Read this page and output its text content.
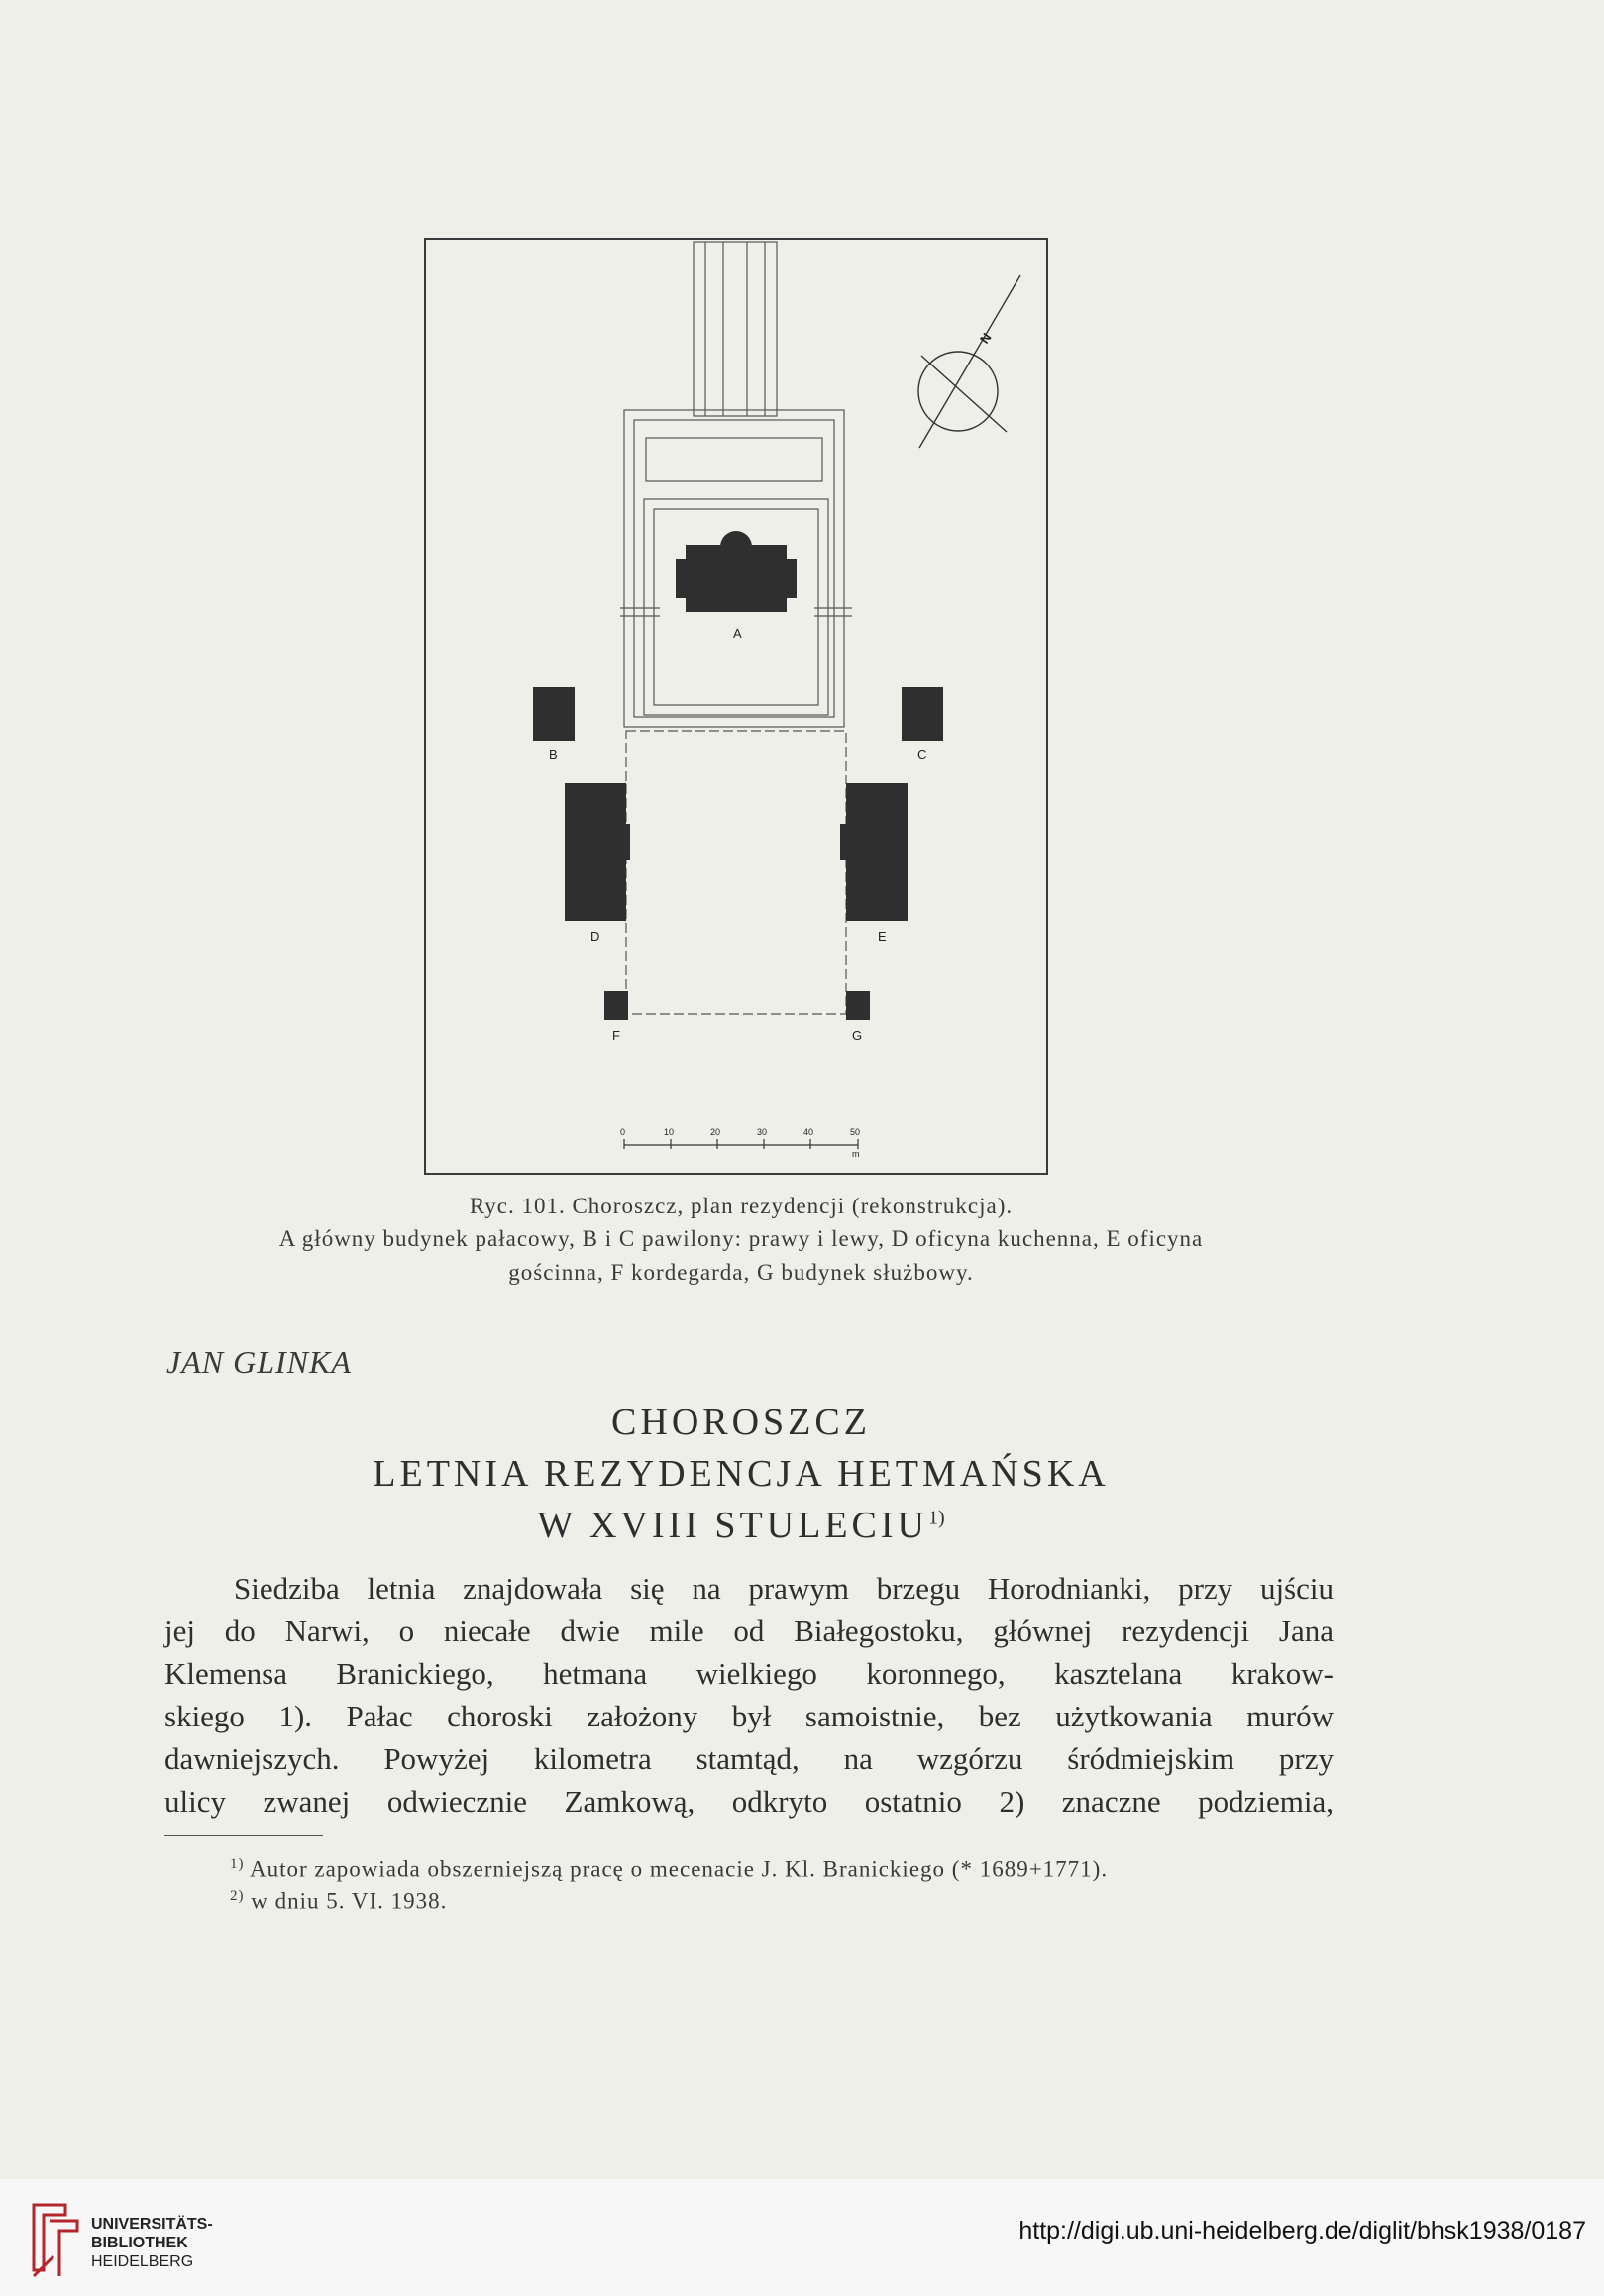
A
B	C
D	E
F	G
N
0	10	20	30	40	50
m
Ryc. 101. Choroszcz, plan rezydencji (rekonstrukcja).
A główny budynek pałacowy, B i C pawilony: prawy i lewy, D oficyna kuchenna, E oficyna
gościnna, F kordegarda, G budynek służbowy.
JAN GLINKA
CHOROSZCZ
LETNIA REZYDENCJA HETMAŃSKA
W XVIII STULECIU$^{1)}$
Siedziba letnia znajdowała się na prawym brzegu Horodnianki, przy ujściu
jej do Narwi, o niecałe dwie mile od Białegostoku, głównej rezydencji Jana
Klemensa Branickiego, hetmana wielkiego koronnego, kasztelana krakow-
skiego 1). Pałac choroski założony był samoistnie, bez użytkowania murów
dawniejszych. Powyżej kilometra stamtąd, na wzgórzu śródmiejskim przy
ulicy zwanej odwiecznie Zamkową, odkryto ostatnio 2) znaczne podziemia,
$^{1)}$ Autor zapowiada obszerniejszą pracę o mecenacie J. Kl. Branickiego (* 1689+1771).
$^{2)}$ w dniu 5. VI. 1938.
UNIVERSITÄTS-
BIBLIOTHEK
HEIDELBERG
http://digi.ub.uni-heidelberg.de/diglit/bhsk1938/0187
